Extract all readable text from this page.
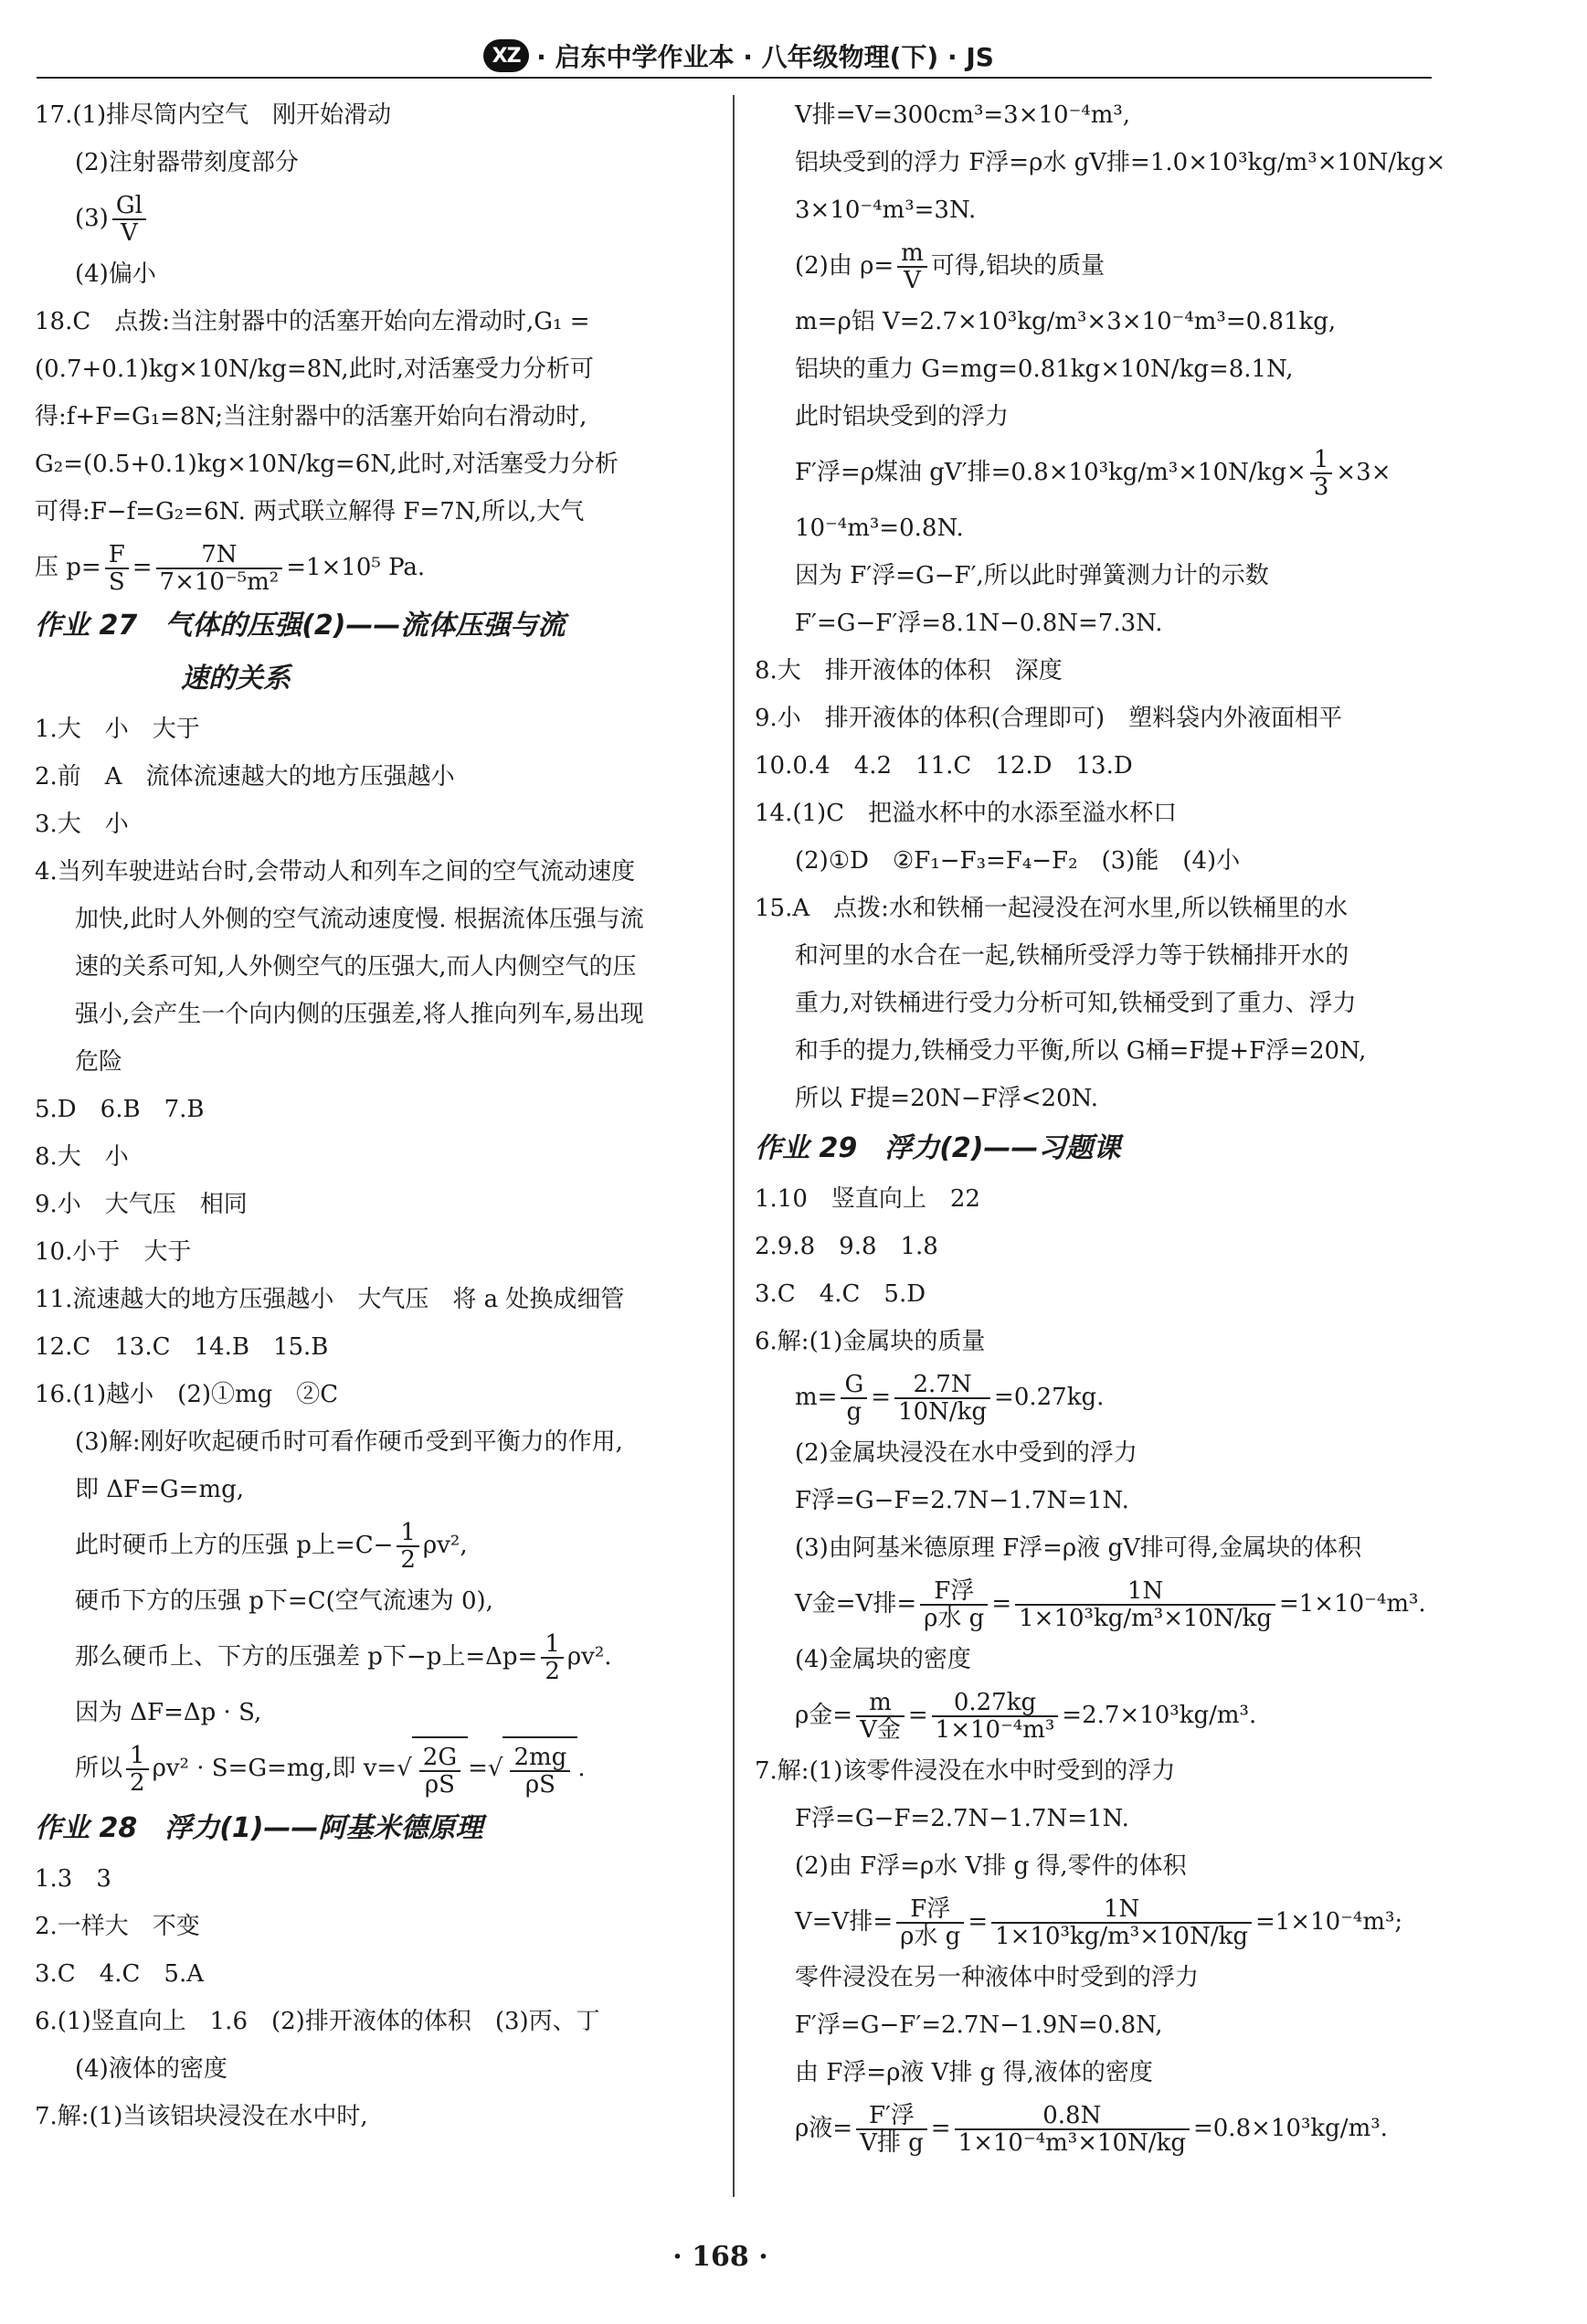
XZ · 启东中学作业本 · 八年级物理(下) · JS
17.(1)排尽筒内空气　刚开始滑动
(2)注射器带刻度部分
$(3) \frac{Gl}{V}$
(4)偏小
18.C　点拨:当注射器中的活塞开始向左滑动时,G₁ =
(0.7+0.1)kg×10N/kg=8N,此时,对活塞受力分析可
得:f+F=G₁=8N;当注射器中的活塞开始向右滑动时,
G₂=(0.5+0.1)kg×10N/kg=6N,此时,对活塞受力分析
可得:F−f=G₂=6N. 两式联立解得 F=7N,所以,大气
压 $p= \frac{F}{S} = \frac{7N}{\text{7×10⁻⁵m²}} =1\times 10^5$ Pa.
作业 27　气体的压强(2)——流体压强与流
速的关系
1.大　小　大于
2.前　A　流体流速越大的地方压强越小
3.大　小
4.当列车驶进站台时,会带动人和列车之间的空气流动速度
加快,此时人外侧的空气流动速度慢. 根据流体压强与流
速的关系可知,人外侧空气的压强大,而人内侧空气的压
强小,会产生一个向内侧的压强差,将人推向列车,易出现
危险
5.D　6.B　7.B
8.大　小
9.小　大气压　相同
10.小于　大于
11.流速越大的地方压强越小　大气压　将 a 处换成细管
12.C　13.C　14.B　15.B
16.(1)越小　(2)①mg　②C
(3)解:刚好吹起硬币时可看作硬币受到平衡力的作用,
即 ΔF=G=mg,
此时硬币上方的压强 p上$=C- \frac{1}{2} \rho v^2$,
硬币下方的压强 p下=C(空气流速为 0),
那么硬币上、下方的压强差 p下−p上$=\Delta p= \frac{1}{2} \rho v^2$.
因为 ΔF=Δp · S,
所以 $\frac{1}{2} \rho v^2 \cdot S=G=mg$,即 $v=√ \frac{2G}{\rho S}$ =√ $\frac{2mg}{\rho S}$ .
作业 28　浮力(1)——阿基米德原理
1.3　3
2.一样大　不变
3.C　4.C　5.A
6.(1)竖直向上　1.6　(2)排开液体的体积　(3)丙、丁
(4)液体的密度
7.解:(1)当该铝块浸没在水中时,
V排=V=300cm³=3×10⁻⁴m³,
铝块受到的浮力 F浮=ρ水 gV排=1.0×10³kg/m³×10N/kg×
3×10⁻⁴m³=3N.
(2)由 $\rho= \frac{m}{V}$ 可得,铝块的质量
m=ρ铝 V=2.7×10³kg/m³×3×10⁻⁴m³=0.81kg,
铝块的重力 G=mg=0.81kg×10N/kg=8.1N,
此时铝块受到的浮力
F′浮=ρ煤油 gV′排$=0.8\times 10^3kg/m^3\times 10N/kg\times \frac{1}{3} \times 3\times$
10⁻⁴m³=0.8N.
因为 F′浮=G−F′,所以此时弹簧测力计的示数
F′=G−F′浮=8.1N−0.8N=7.3N.
8.大　排开液体的体积　深度
9.小　排开液体的体积(合理即可)　塑料袋内外液面相平
10.0.4　4.2　11.C　12.D　13.D
14.(1)C　把溢水杯中的水添至溢水杯口
(2)①D　②F₁−F₃=F₄−F₂　(3)能　(4)小
15.A　点拨:水和铁桶一起浸没在河水里,所以铁桶里的水
和河里的水合在一起,铁桶所受浮力等于铁桶排开水的
重力,对铁桶进行受力分析可知,铁桶受到了重力、浮力
和手的提力,铁桶受力平衡,所以 G桶=F提+F浮=20N,
所以 F提=20N−F浮<20N.
作业 29　浮力(2)——习题课
1.10　竖直向上　22
2.9.8　9.8　1.8
3.C　4.C　5.D
6.解:(1)金属块的质量
$m= \frac{G}{g} = \frac{2.7N}{10N/kg} =0.27kg$.
(2)金属块浸没在水中受到的浮力
F浮=G−F=2.7N−1.7N=1N.
(3)由阿基米德原理 F浮=ρ液 gV排可得,金属块的体积
V金=V排= $\frac{\text{F浮}}{\text{ρ水 g}} = \frac{1N}{\text{1×10³kg/m³×10N/kg}} =1\times 10^{-4}m^3$.
(4)金属块的密度
ρ金= $\frac{m}{\text{V金}} = \frac{0.27kg}{\text{1×10⁻⁴m³}} =2.7\times 10^3kg/m^3$.
7.解:(1)该零件浸没在水中时受到的浮力
F浮=G−F=2.7N−1.7N=1N.
(2)由 F浮=ρ水 V排 g 得,零件的体积
V=V排= $\frac{\text{F浮}}{\text{ρ水 g}} = \frac{1N}{\text{1×10³kg/m³×10N/kg}} =1\times 10^{-4}m^3$;
零件浸没在另一种液体中时受到的浮力
F′浮=G−F′=2.7N−1.9N=0.8N,
由 F浮=ρ液 V排 g 得,液体的密度
ρ液= $\frac{\text{F′浮}}{\text{V排 g}} = \frac{0.8N}{\text{1×10⁻⁴m³×10N/kg}} =0.8\times 10^3kg/m^3$.
· 168 ·
